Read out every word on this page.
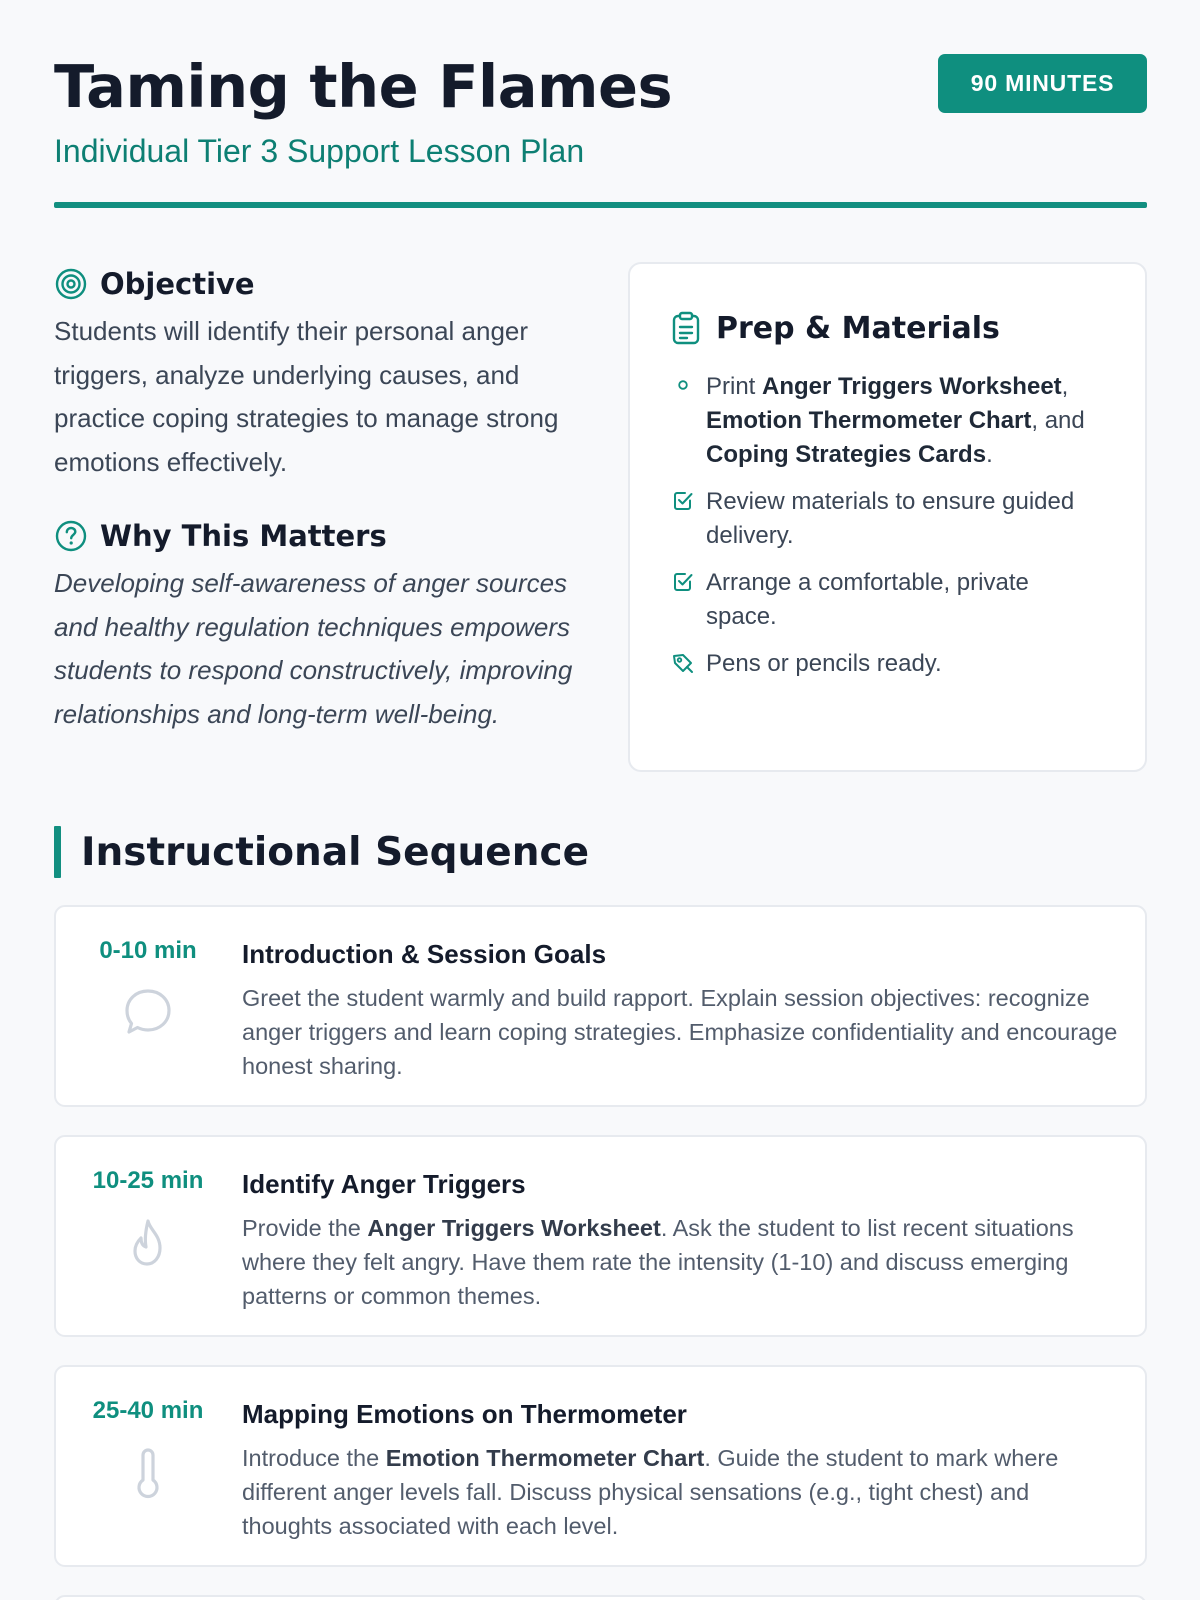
Taming the Flames
Individual Tier 3 Support Lesson Plan
90 MINUTES
Objective

Students will identify their personal anger triggers, analyze underlying causes, and practice coping strategies to manage strong emotions effectively.

Why This Matters

Developing self-awareness of anger sources and healthy regulation techniques empowers students to respond constructively, improving relationships and long-term well-being.

Prep & Materials
Print Anger Triggers Worksheet, Emotion Thermometer Chart, and Coping Strategies Cards.
Review materials to ensure guided delivery.
Arrange a comfortable, private space.
Pens or pencils ready.
Instructional Sequence
0-10 min	Introduction & Session Goals

Greet the student warmly and build rapport. Explain session objectives: recognize anger triggers and learn coping strategies. Emphasize confidentiality and encourage honest sharing.

10-25 min	Identify Anger Triggers

Provide the Anger Triggers Worksheet. Ask the student to list recent situations where they felt angry. Have them rate the intensity (1-10) and discuss emerging patterns or common themes.

25-40 min	Mapping Emotions on Thermometer

Introduce the Emotion Thermometer Chart. Guide the student to mark where different anger levels fall. Discuss physical sensations (e.g., tight chest) and thoughts associated with each level.
